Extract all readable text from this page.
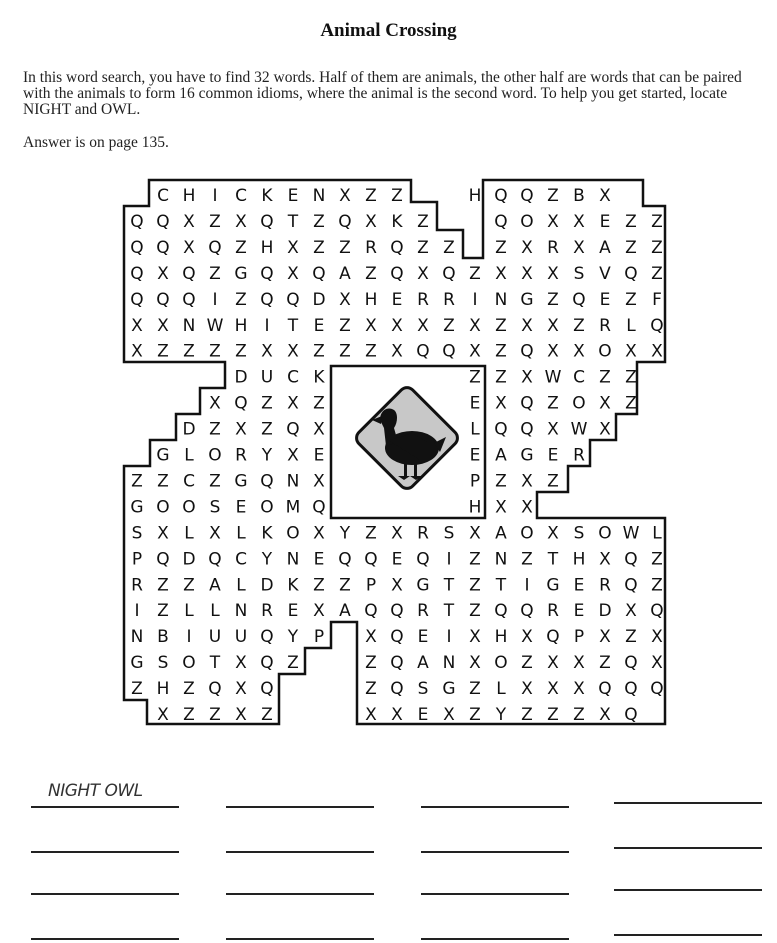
Animal Crossing
In this word search, you have to find 32 words. Half of them are animals, the other half are words that can be paired with the animals to form 16 common idioms, where the animal is the second word. To help you get started, locate NIGHT and OWL.
Answer is on page 135.
C H I C K E N X Z Z	H Q Q Z B X
Q Q X Z X Q T Z Q X K Z	Q O X X E Z Z
Q Q X Q Z H X Z Z R Q Z Z Z X R X A Z Z
Q X Q Z G Q X Q A Z Q X Q Z X X X S V Q Z
Q Q Q I Z Q Q D X H E R R I N G Z Q E Z F
X X N W H I T E Z X X X Z X Z X X Z R L Q
X Z Z Z Z X X Z Z Z X Q Q X Z Q X X O X X
D U C K	Z Z X W C Z Z
X Q Z X Z	E X Q Z O X Z
D Z X Z Q X	L Q Q X W X
G L O R Y X E	E A G E R
Z Z C Z G Q N X	P Z X Z
G O O S E O M Q	H X X
S X L X L K O X Y Z X R S X A O X S O W L
P Q D Q C Y N E Q Q E Q I Z N Z T H X Q Z
R Z Z A L D K Z Z P X G T Z T I G E R Q Z
I Z L L N R E X A Q Q R T Z Q Q R E D X Q
N B I U U Q Y P X Q E I X H X Q P X Z X
G S O T X Q Z	Z Q A N X O Z X X Z Q X
Z H Z Q X Q	Z Q S G Z L X X X Q Q Q
X Z Z X Z	X X E X Z Y Z Z Z X Q
NIGHT OWL
